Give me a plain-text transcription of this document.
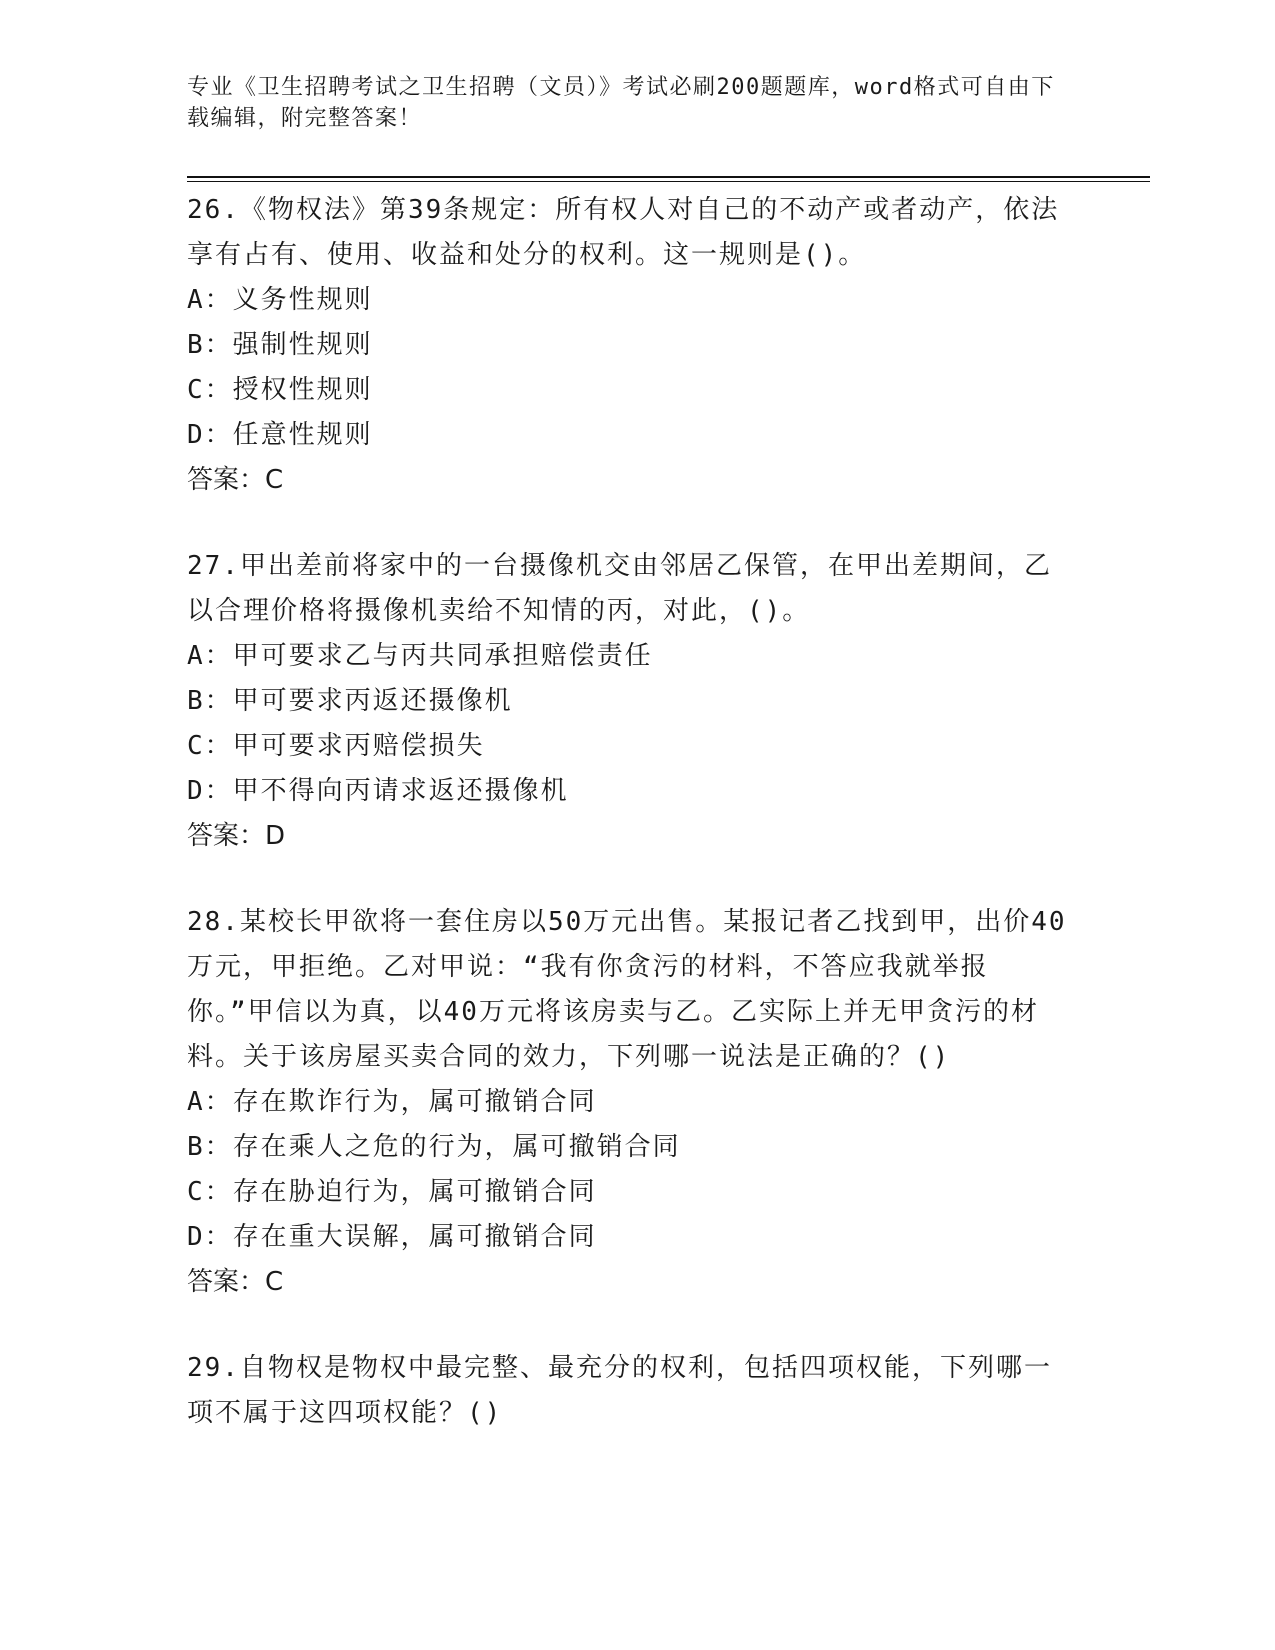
专业《卫生招聘考试之卫生招聘（文员）》考试必刷200题题库，word格式可自由下载编辑，附完整答案！

26.《物权法》第39条规定：所有权人对自己的不动产或者动产，依法享有占有、使用、收益和处分的权利。这一规则是()。

A：义务性规则

B：强制性规则

C：授权性规则

D：任意性规则

答案：C

27.甲出差前将家中的一台摄像机交由邻居乙保管，在甲出差期间，乙以合理价格将摄像机卖给不知情的丙，对此，()。

A：甲可要求乙与丙共同承担赔偿责任

B：甲可要求丙返还摄像机

C：甲可要求丙赔偿损失

D：甲不得向丙请求返还摄像机

答案：D

28.某校长甲欲将一套住房以50万元出售。某报记者乙找到甲，出价40万元，甲拒绝。乙对甲说：“我有你贪污的材料，不答应我就举报你。”甲信以为真，以40万元将该房卖与乙。乙实际上并无甲贪污的材料。关于该房屋买卖合同的效力，下列哪一说法是正确的？()

A：存在欺诈行为，属可撤销合同

B：存在乘人之危的行为，属可撤销合同

C：存在胁迫行为，属可撤销合同

D：存在重大误解，属可撤销合同

答案：C

29.自物权是物权中最完整、最充分的权利，包括四项权能，下列哪一项不属于这四项权能？()
